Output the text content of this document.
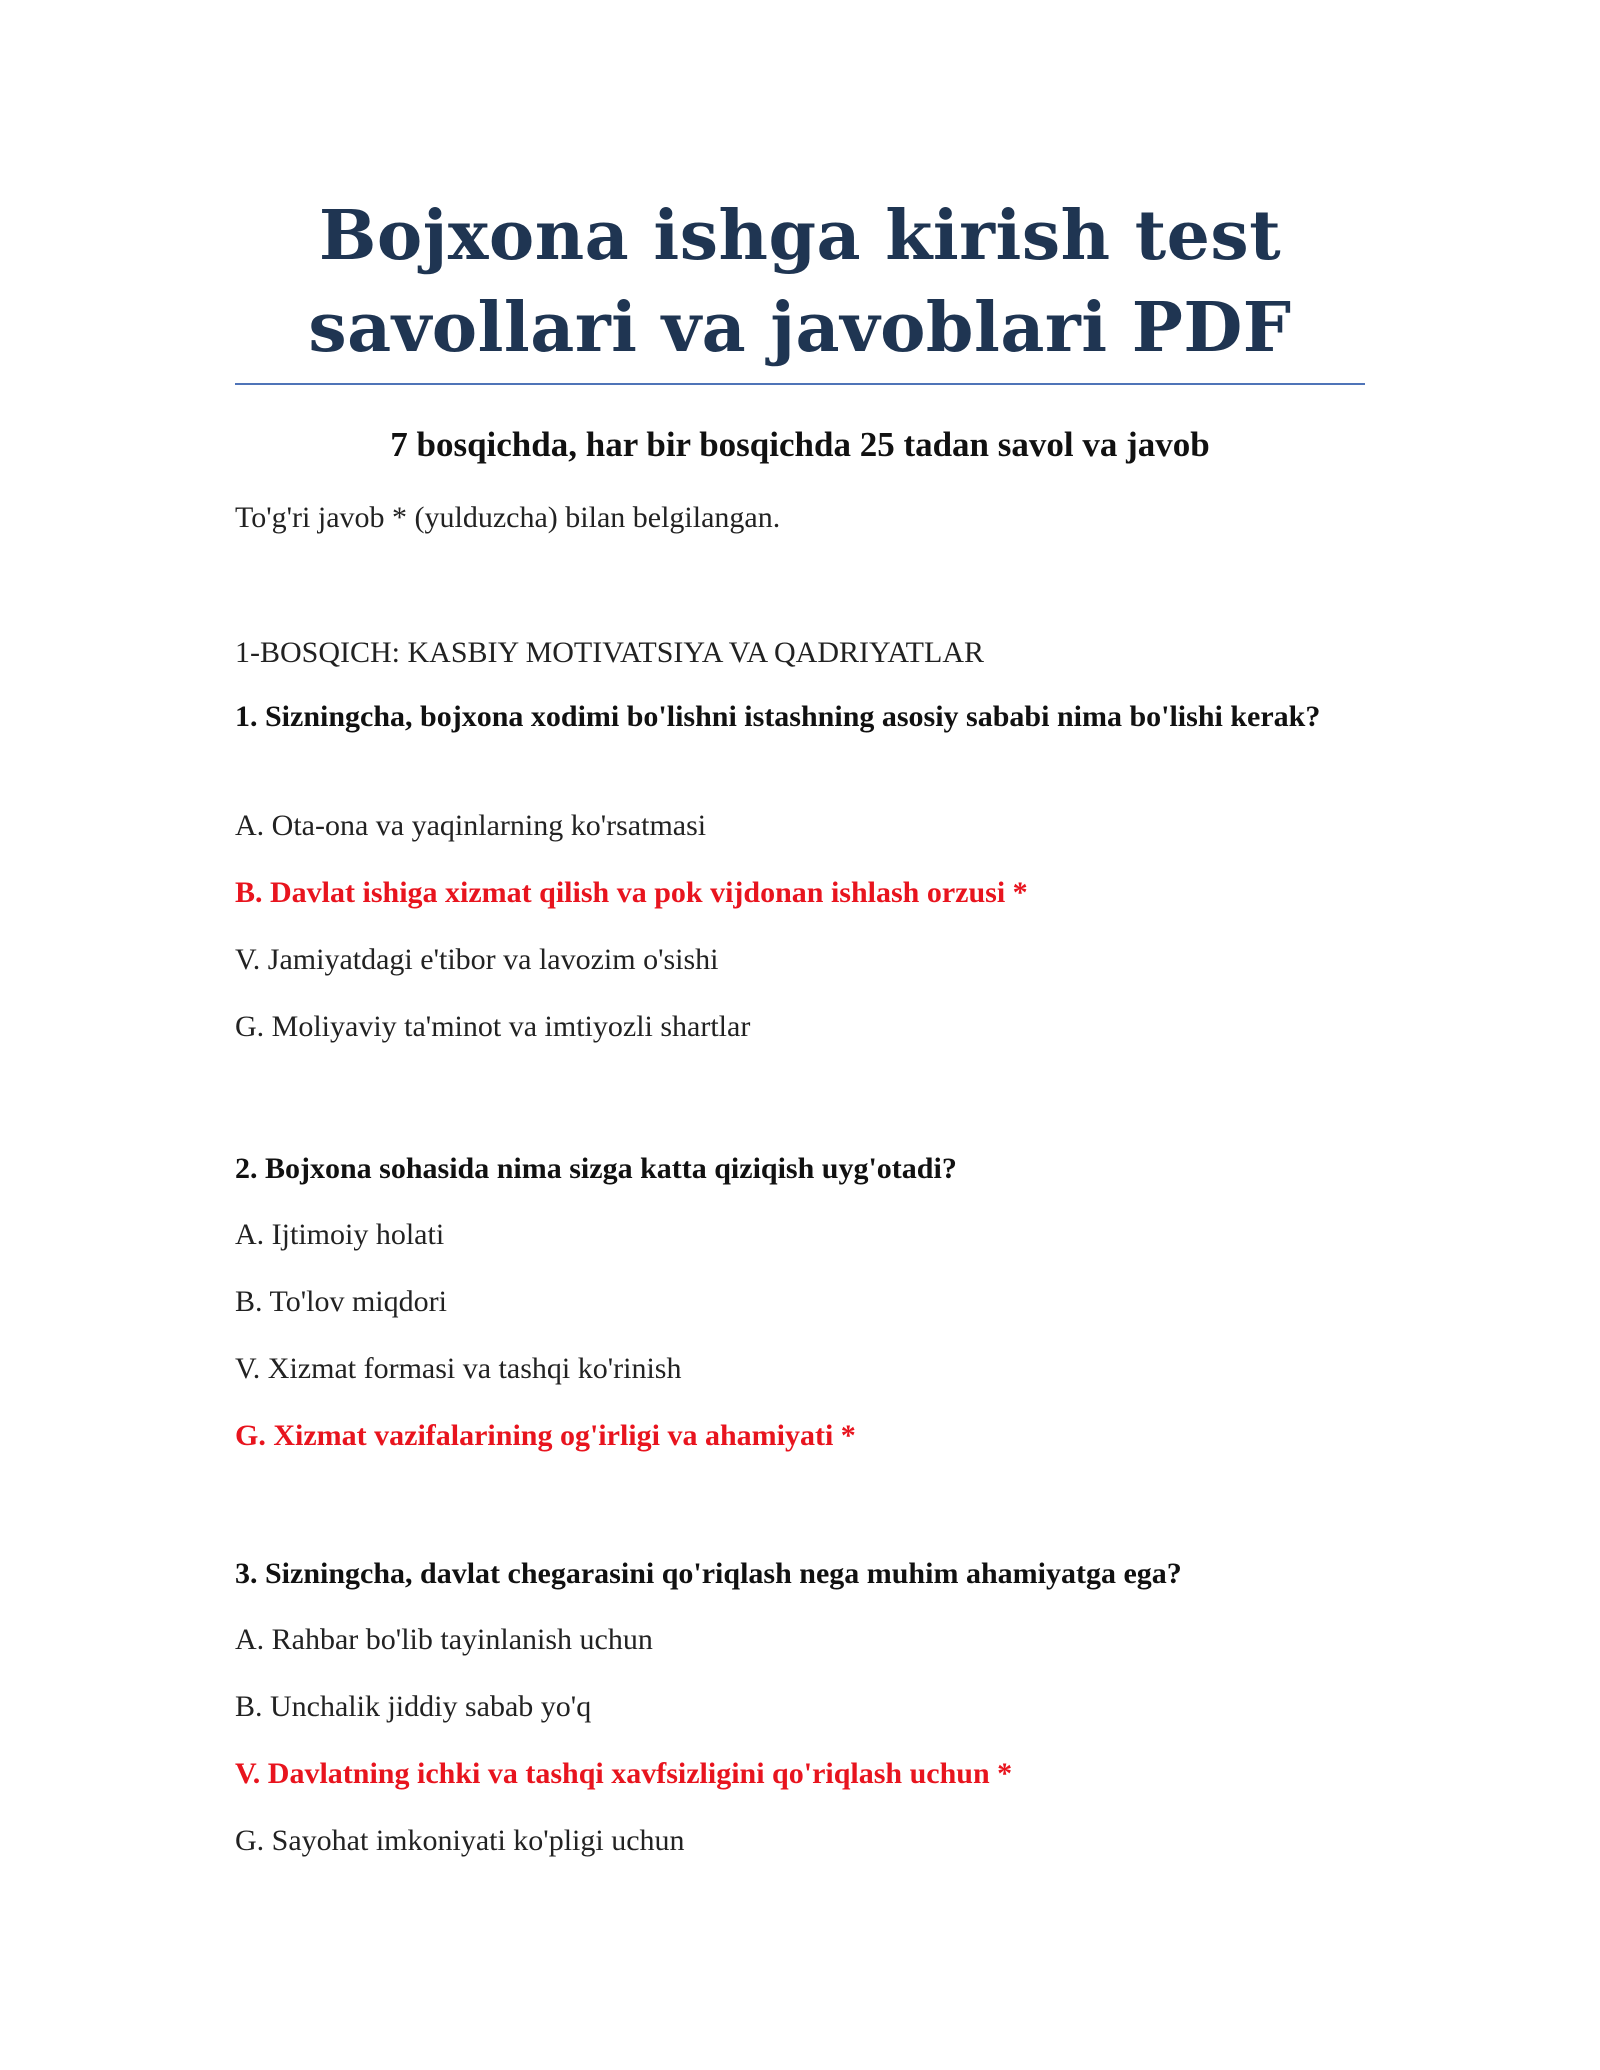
Bojxona ishga kirish test
savollari va javoblari PDF

7 bosqichda, har bir bosqichda 25 tadan savol va javob

To'g'ri javob * (yulduzcha) bilan belgilangan.

1-BOSQICH: KASBIY MOTIVATSIYA VA QADRIYATLAR

1. Sizningcha, bojxona xodimi bo'lishni istashning asosiy sababi nima bo'lishi kerak?

A. Ota-ona va yaqinlarning ko'rsatmasi

B. Davlat ishiga xizmat qilish va pok vijdonan ishlash orzusi *

V. Jamiyatdagi e'tibor va lavozim o'sishi

G. Moliyaviy ta'minot va imtiyozli shartlar

2. Bojxona sohasida nima sizga katta qiziqish uyg'otadi?

A. Ijtimoiy holati

B. To'lov miqdori

V. Xizmat formasi va tashqi ko'rinish

G. Xizmat vazifalarining og'irligi va ahamiyati *

3. Sizningcha, davlat chegarasini qo'riqlash nega muhim ahamiyatga ega?

A. Rahbar bo'lib tayinlanish uchun

B. Unchalik jiddiy sabab yo'q

V. Davlatning ichki va tashqi xavfsizligini qo'riqlash uchun *

G. Sayohat imkoniyati ko'pligi uchun
